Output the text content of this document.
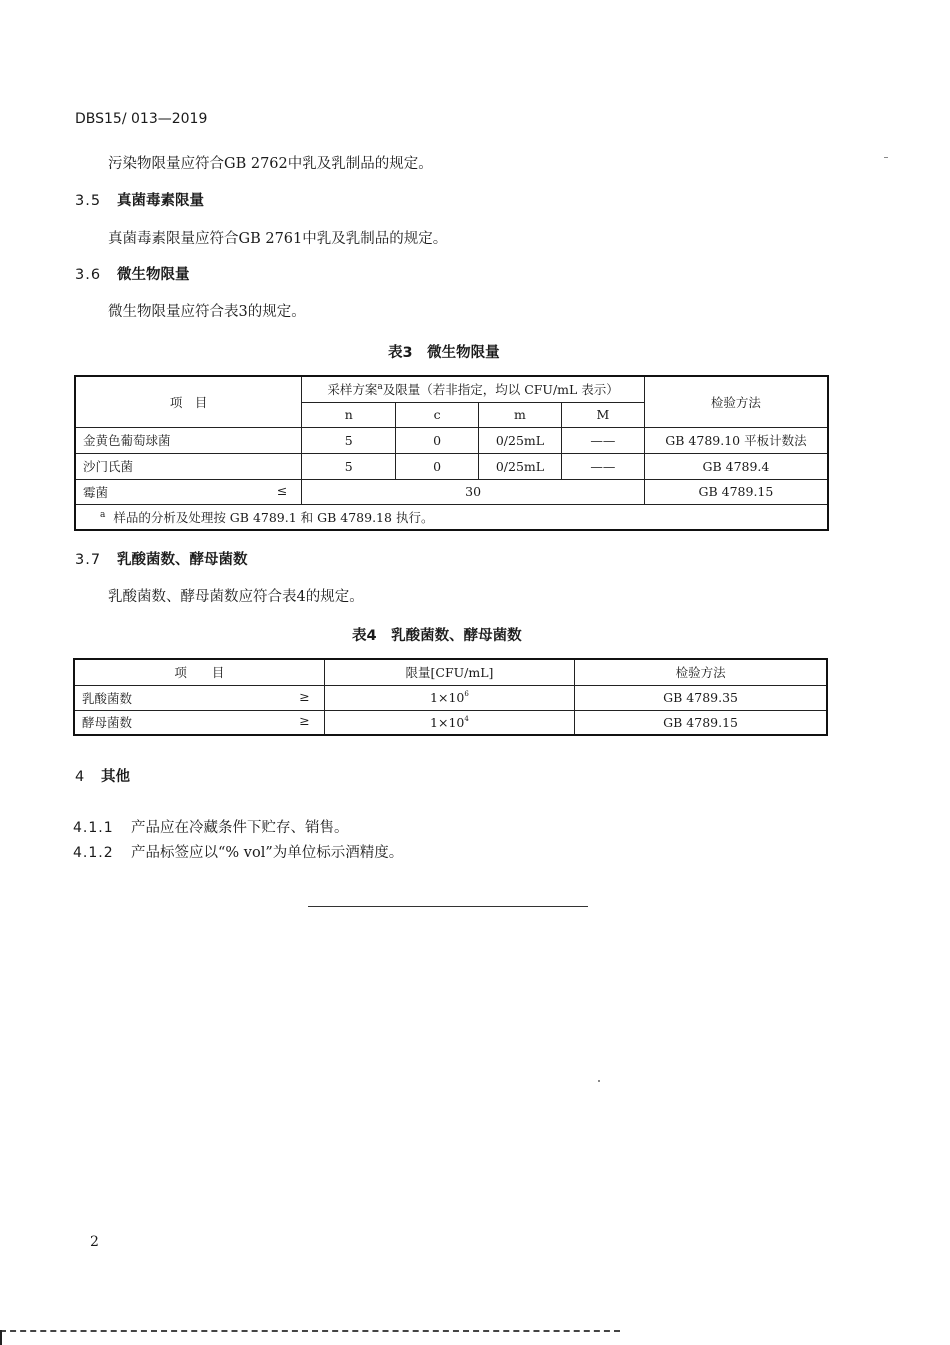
DBS15/ 013—2019
污染物限量应符合GB 2762中乳及乳制品的规定。
3.5 真菌毒素限量
真菌毒素限量应符合GB 2761中乳及乳制品的规定。
3.6 微生物限量
微生物限量应符合表3的规定。
表3　微生物限量
项　目	采样方案$^a$及限量（若非指定，均以 CFU/mL 表示）				检验方法
	n	c	m	M	
金黄色葡萄球菌	5	0	0/25mL	——	GB 4789.10 平板计数法
沙门氏菌	5	0	0/25mL	——	GB 4789.4
霉菌 ≤	30				GB 4789.15
$^a$ 样品的分析及处理按 GB 4789.1 和 GB 4789.18 执行。					
3.7 乳酸菌数、酵母菌数
乳酸菌数、酵母菌数应符合表4的规定。
表4　乳酸菌数、酵母菌数
项　　目	限量[CFU/mL]	检验方法
乳酸菌数 ≥	$1\times 10^6$	GB 4789.35
酵母菌数 ≥	$1\times 10^4$	GB 4789.15
4 其他
4.1.1 产品应在冷藏条件下贮存、销售。
4.1.2 产品标签应以“% vol”为单位标示酒精度。
2
